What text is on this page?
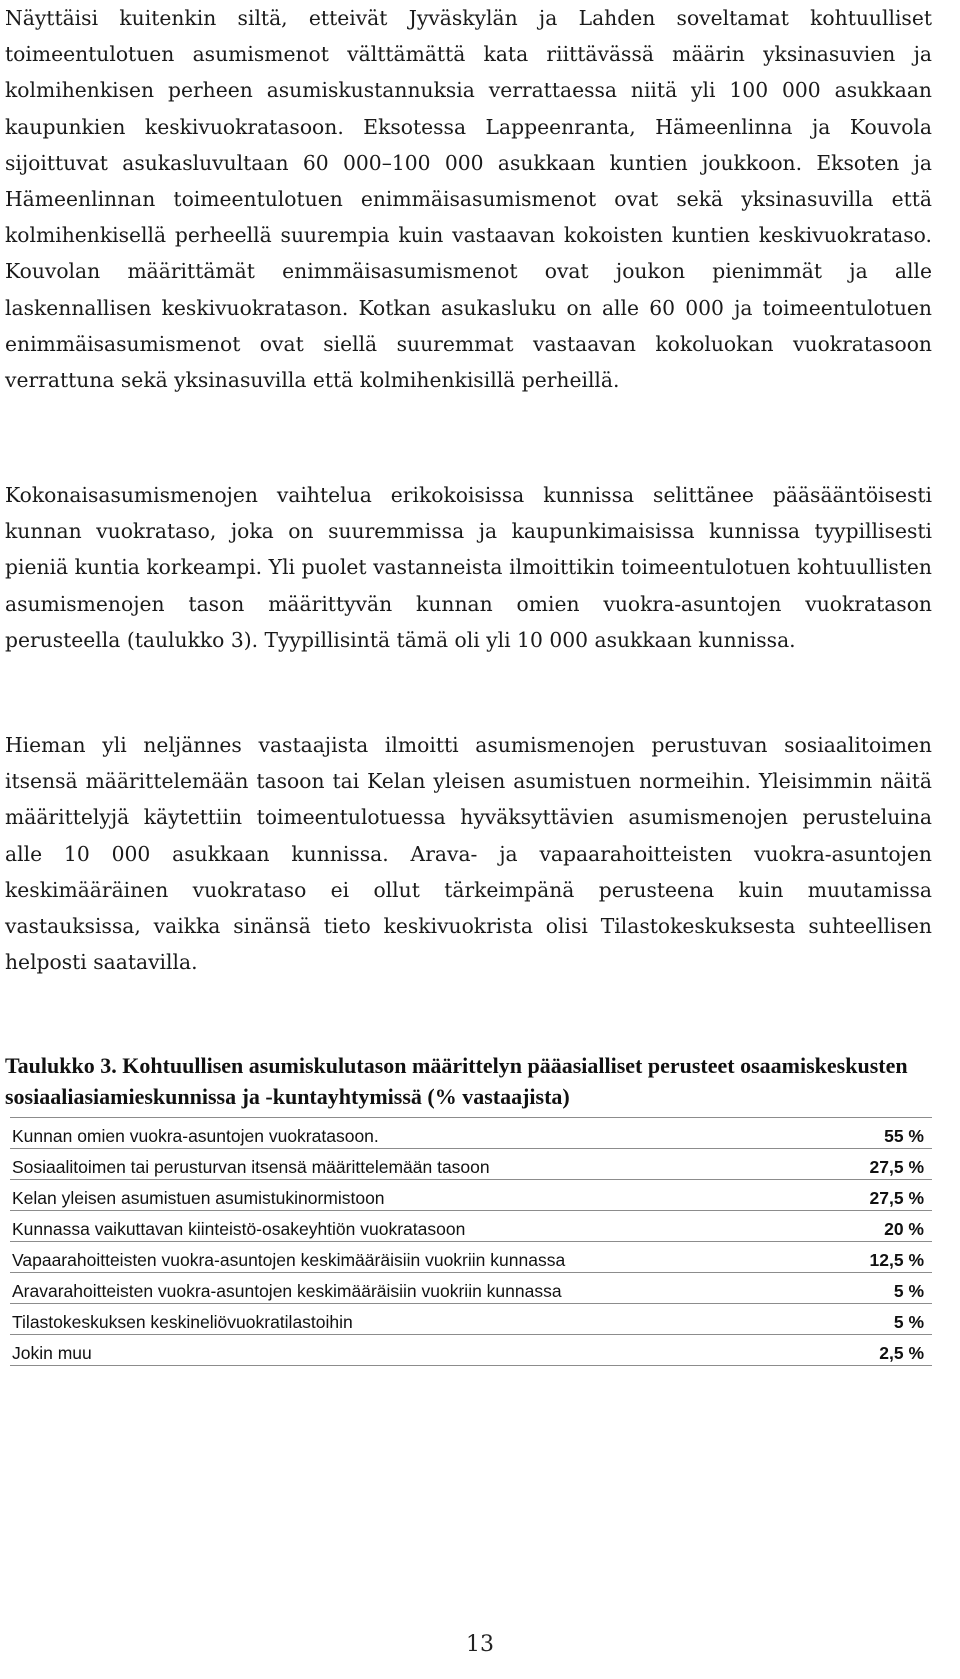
Näyttäisi kuitenkin siltä, etteivät Jyväskylän ja Lahden soveltamat kohtuulliset toimeentulotuen asumismenot välttämättä kata riittävässä määrin yksinasuvien ja kolmihenkisen perheen asumiskustannuksia verrattaessa niitä yli 100 000 asukkaan kaupunkien keskivuokratasoon. Eksotessa Lappeenranta, Hämeenlinna ja Kouvola sijoittuvat asukasluvultaan 60 000–100 000 asukkaan kuntien joukkoon. Eksoten ja Hämeenlinnan toimeentulotuen enimmäisasumismenot ovat sekä yksinasuvilla että kolmihenkisellä perheellä suurempia kuin vastaavan kokoisten kuntien keskivuokrataso. Kouvolan määrittämät enimmäisasumismenot ovat joukon pienimmät ja alle laskennallisen keskivuokratason. Kotkan asukasluku on alle 60 000 ja toimeentulotuen enimmäisasumismenot ovat siellä suuremmat vastaavan kokoluokan vuokratasoon verrattuna sekä yksinasuvilla että kolmihenkisillä perheillä.

Kokonaisasumismenojen vaihtelua erikokoisissa kunnissa selittänee pääsääntöisesti kunnan vuokrataso, joka on suuremmissa ja kaupunkimaisissa kunnissa tyypillisesti pieniä kuntia korkeampi. Yli puolet vastanneista ilmoittikin toimeentulotuen kohtuullisten asumismenojen tason määrittyvän kunnan omien vuokra-asuntojen vuokratason perusteella (taulukko 3). Tyypillisintä tämä oli yli 10 000 asukkaan kunnissa.

Hieman yli neljännes vastaajista ilmoitti asumismenojen perustuvan sosiaalitoimen itsensä määrittelemään tasoon tai Kelan yleisen asumistuen normeihin. Yleisimmin näitä määrittelyjä käytettiin toimeentulotuessa hyväksyttävien asumismenojen perusteluina alle 10 000 asukkaan kunnissa. Arava- ja vapaarahoitteisten vuokra-asuntojen keskimääräinen vuokrataso ei ollut tärkeimpänä perusteena kuin muutamissa vastauksissa, vaikka sinänsä tieto keskivuokrista olisi Tilastokeskuksesta suhteellisen helposti saatavilla.

Taulukko 3. Kohtuullisen asumiskulutason määrittelyn pääasialliset perusteet osaamiskeskusten sosiaaliasiamieskunnissa ja -kuntayhtymissä (% vastaajista)
Kunnan omien vuokra-asuntojen vuokratasoon.	55 %
Sosiaalitoimen tai perusturvan itsensä määrittelemään tasoon	27,5 %
Kelan yleisen asumistuen asumistukinormistoon	27,5 %
Kunnassa vaikuttavan kiinteistö-osakeyhtiön vuokratasoon	20 %
Vapaarahoitteisten vuokra-asuntojen keskimääräisiin vuokriin kunnassa	12,5 %
Aravarahoitteisten vuokra-asuntojen keskimääräisiin vuokriin kunnassa	5 %
Tilastokeskuksen keskineliövuokratilastoihin	5 %
Jokin muu	2,5 %
13
